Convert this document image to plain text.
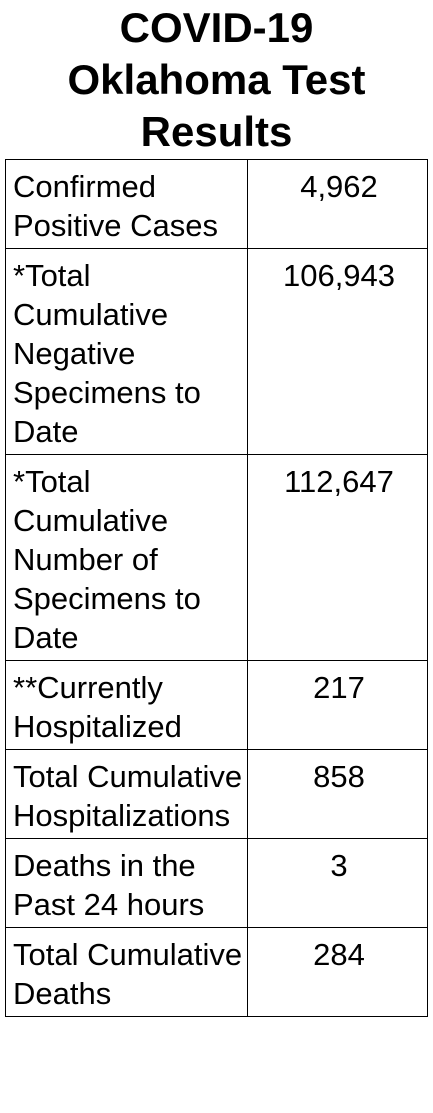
COVID-19
Oklahoma Test
Results
Confirmed Positive Cases	4,962
*Total Cumulative Negative Specimens to Date	106,943
*Total Cumulative Number of Specimens to Date	112,647
**Currently Hospitalized	217
Total Cumulative Hospitalizations	858
Deaths in the Past 24 hours	3
Total Cumulative Deaths	284
